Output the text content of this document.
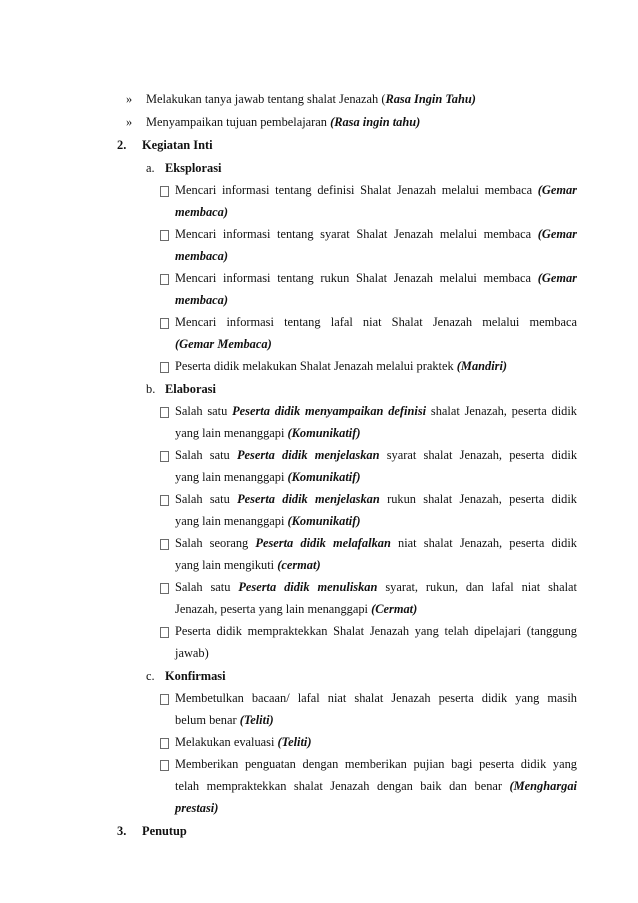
» Melakukan tanya jawab tentang shalat Jenazah (Rasa Ingin Tahu)
» Menyampaikan tujuan pembelajaran (Rasa ingin tahu)
2. Kegiatan Inti
a. Eksplorasi
Mencari informasi tentang definisi Shalat Jenazah melalui membaca (Gemar
membaca)
Mencari informasi tentang syarat Shalat Jenazah melalui membaca (Gemar
membaca)
Mencari informasi tentang rukun Shalat Jenazah melalui membaca (Gemar
membaca)
Mencari informasi tentang lafal niat Shalat Jenazah melalui membaca
(Gemar Membaca)
Peserta didik melakukan Shalat Jenazah melalui praktek (Mandiri)
b. Elaborasi
Salah satu Peserta didik menyampaikan definisi shalat Jenazah, peserta didik
yang lain menanggapi (Komunikatif)
Salah satu Peserta didik menjelaskan syarat shalat Jenazah, peserta didik
yang lain menanggapi (Komunikatif)
Salah satu Peserta didik menjelaskan rukun shalat Jenazah, peserta didik
yang lain menanggapi (Komunikatif)
Salah seorang Peserta didik melafalkan niat shalat Jenazah, peserta didik
yang lain mengikuti (cermat)
Salah satu Peserta didik menuliskan syarat, rukun, dan lafal niat shalat
Jenazah, peserta yang lain menanggapi (Cermat)
Peserta didik mempraktekkan Shalat Jenazah yang telah dipelajari (tanggung
jawab)
c. Konfirmasi
Membetulkan bacaan/ lafal niat shalat Jenazah peserta didik yang masih
belum benar (Teliti)
Melakukan evaluasi (Teliti)
Memberikan penguatan dengan memberikan pujian bagi peserta didik yang
telah mempraktekkan shalat Jenazah dengan baik dan benar (Menghargai
prestasi)
3. Penutup
